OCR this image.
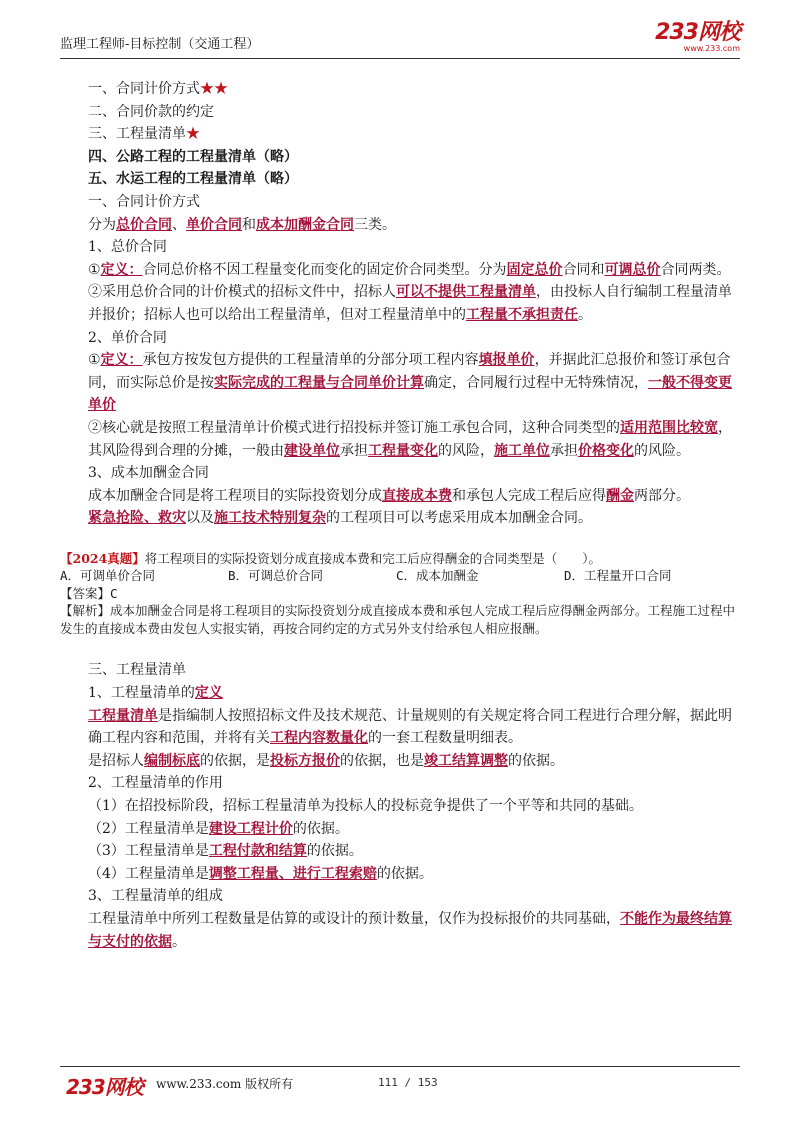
监理工程师-目标控制（交通工程）	233网校
www.233.com

一、合同计价方式★★

二、合同价款的约定

三、工程量清单★

四、公路工程的工程量清单（略）

五、水运工程的工程量清单（略）

一、合同计价方式

分为总价合同、单价合同和成本加酬金合同三类。

1、总价合同

①定义：合同总价格不因工程量变化而变化的固定价合同类型。分为固定总价合同和可调总价合同两类。

②采用总价合同的计价模式的招标文件中，招标人可以不提供工程量清单，由投标人自行编制工程量清单并报价；招标人也可以给出工程量清单，但对工程量清单中的工程量不承担责任。

2、单价合同

①定义：承包方按发包方提供的工程量清单的分部分项工程内容填报单价，并据此汇总报价和签订承包合同，而实际总价是按实际完成的工程量与合同单价计算确定，合同履行过程中无特殊情况，一般不得变更单价

②核心就是按照工程量清单计价模式进行招投标并签订施工承包合同，这种合同类型的适用范围比较宽，其风险得到合理的分摊，一般由建设单位承担工程量变化的风险，施工单位承担价格变化的风险。

3、成本加酬金合同

成本加酬金合同是将工程项目的实际投资划分成直接成本费和承包人完成工程后应得酬金两部分。

紧急抢险、救灾以及施工技术特别复杂的工程项目可以考虑采用成本加酬金合同。

【2024真题】将工程项目的实际投资划分成直接成本费和完工后应得酬金的合同类型是（　　）。
A．可调单价合同	B．可调总价合同	C．成本加酬金	D．工程量开口合同
【答案】C
【解析】成本加酬金合同是将工程项目的实际投资划分成直接成本费和承包人完成工程后应得酬金两部分。工程施工过程中发生的直接成本费由发包人实报实销，再按合同约定的方式另外支付给承包人相应报酬。

三、工程量清单

1、工程量清单的定义

工程量清单是指编制人按照招标文件及技术规范、计量规则的有关规定将合同工程进行合理分解，据此明确工程内容和范围，并将有关工程内容数量化的一套工程数量明细表。

是招标人编制标底的依据，是投标方报价的依据，也是竣工结算调整的依据。

2、工程量清单的作用

（1）在招投标阶段，招标工程量清单为投标人的投标竞争提供了一个平等和共同的基础。

（2）工程量清单是建设工程计价的依据。

（3）工程量清单是工程付款和结算的依据。

（4）工程量清单是调整工程量、进行工程索赔的依据。

3、工程量清单的组成

工程量清单中所列工程数量是估算的或设计的预计数量，仅作为投标报价的共同基础，不能作为最终结算与支付的依据。

233网校 www.233.com 版权所有	111 / 153
